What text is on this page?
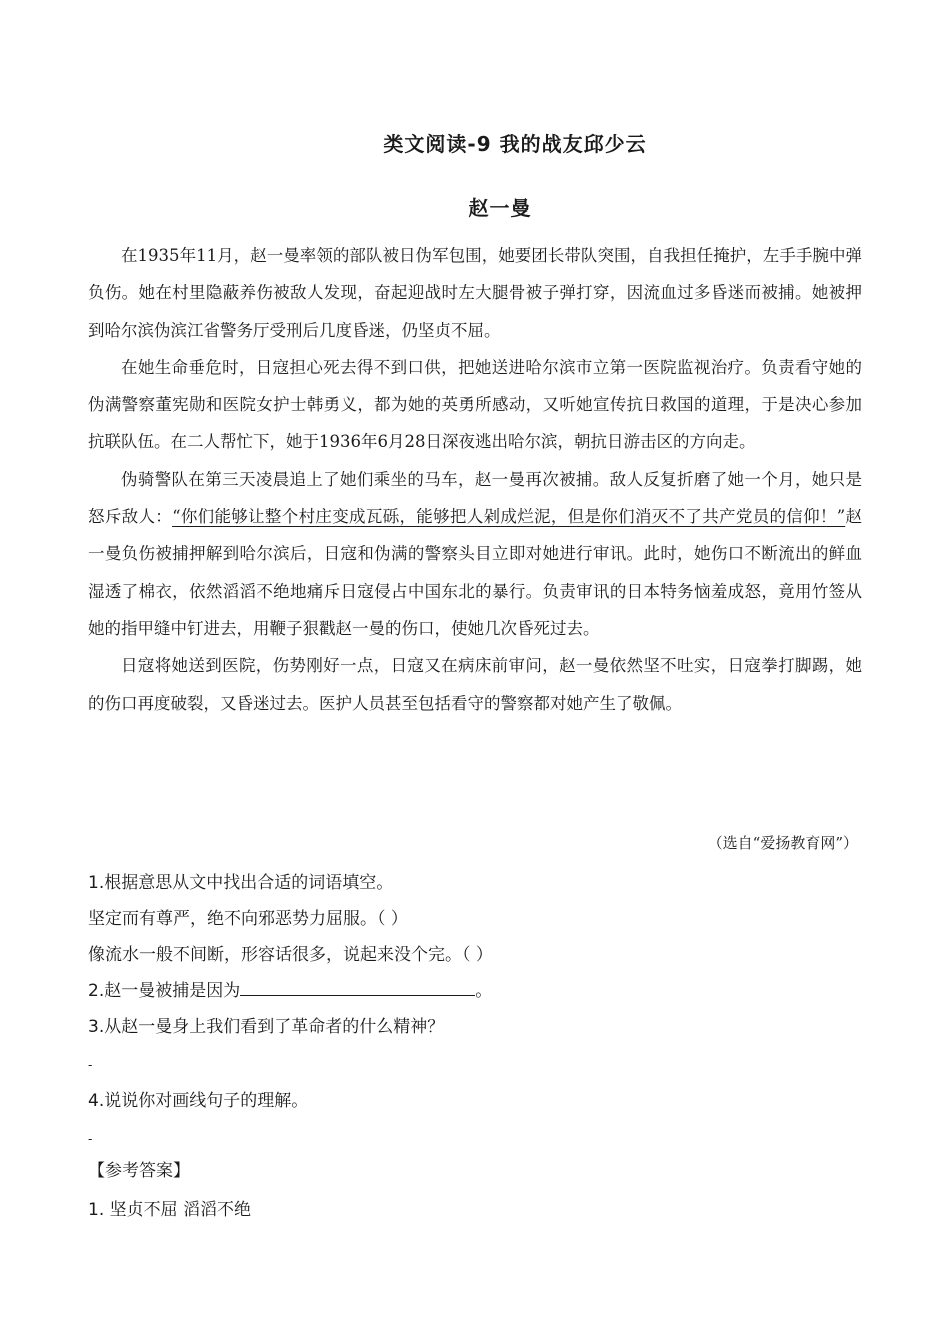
类文阅读-9 我的战友邱少云
赵一曼

在1935年11月，赵一曼率领的部队被日伪军包围，她要团长带队突围，自我担任掩护，左手手腕中弹负伤。她在村里隐蔽养伤被敌人发现，奋起迎战时左大腿骨被子弹打穿，因流血过多昏迷而被捕。她被押到哈尔滨伪滨江省警务厅受刑后几度昏迷，仍坚贞不屈。

在她生命垂危时，日寇担心死去得不到口供，把她送进哈尔滨市立第一医院监视治疗。负责看守她的伪满警察董宪勋和医院女护士韩勇义，都为她的英勇所感动，又听她宣传抗日救国的道理，于是决心参加抗联队伍。在二人帮忙下，她于1936年6月28日深夜逃出哈尔滨，朝抗日游击区的方向走。

伪骑警队在第三天凌晨追上了她们乘坐的马车，赵一曼再次被捕。敌人反复折磨了她一个月，她只是怒斥敌人：“你们能够让整个村庄变成瓦砾，能够把人剁成烂泥，但是你们消灭不了共产党员的信仰！”赵一曼负伤被捕押解到哈尔滨后，日寇和伪满的警察头目立即对她进行审讯。此时，她伤口不断流出的鲜血湿透了棉衣，依然滔滔不绝地痛斥日寇侵占中国东北的暴行。负责审讯的日本特务恼羞成怒，竟用竹签从她的指甲缝中钉进去，用鞭子狠戳赵一曼的伤口，使她几次昏死过去。

日寇将她送到医院，伤势刚好一点，日寇又在病床前审问，赵一曼依然坚不吐实，日寇拳打脚踢，她的伤口再度破裂，又昏迷过去。医护人员甚至包括看守的警察都对她产生了敬佩。

（选自“爱扬教育网”）
1.根据意思从文中找出合适的词语填空。
坚定而有尊严，绝不向邪恶势力屈服。（ ）
像流水一般不间断，形容话很多，说起来没个完。（ ）
2.赵一曼被捕是因为	。
3.从赵一曼身上我们看到了革命者的什么精神？
-
4.说说你对画线句子的理解。
-
【参考答案】
1. 坚贞不屈 滔滔不绝
